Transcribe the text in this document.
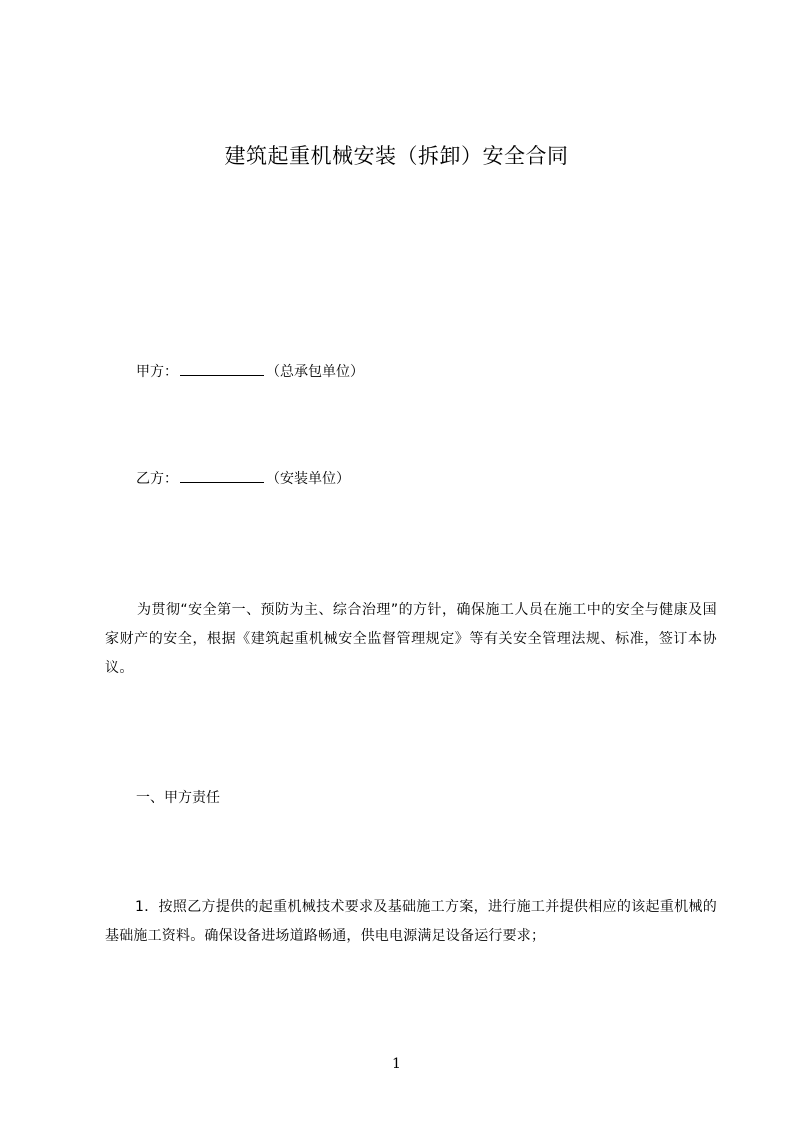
建筑起重机械安装（拆卸）安全合同
甲方：	（总承包单位）
乙方：	（安装单位）
为贯彻“安全第一、预防为主、综合治理”的方针，确保施工人员在施工中的安全与健康及国家财产的安全，根据《建筑起重机械安全监督管理规定》等有关安全管理法规、标准，签订本协议。
一、甲方责任
1．按照乙方提供的起重机械技术要求及基础施工方案，进行施工并提供相应的该起重机械的基础施工资料。确保设备进场道路畅通，供电电源满足设备运行要求；
1
